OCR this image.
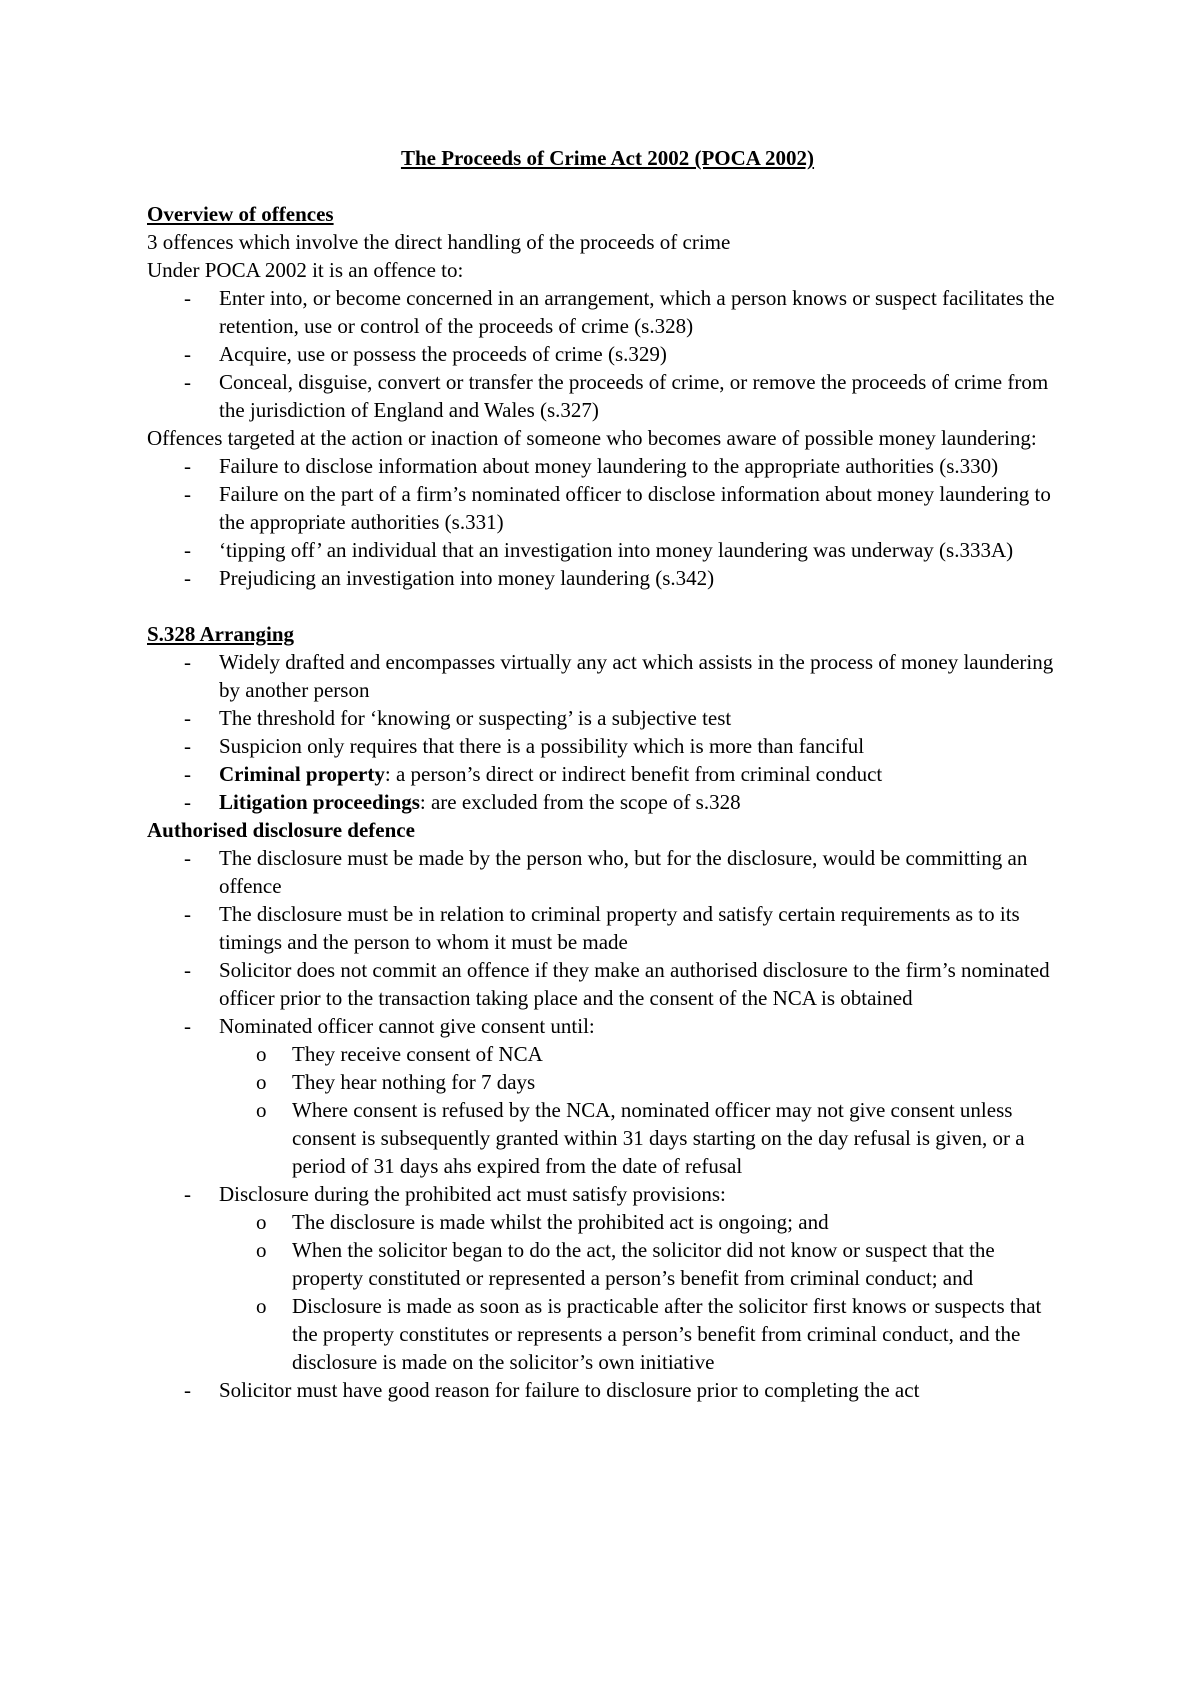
The Proceeds of Crime Act 2002 (POCA 2002)
Overview of offences
3 offences which involve the direct handling of the proceeds of crime
Under POCA 2002 it is an offence to:
- Enter into, or become concerned in an arrangement, which a person knows or suspect facilitates the retention, use or control of the proceeds of crime (s.328)
- Acquire, use or possess the proceeds of crime (s.329)
- Conceal, disguise, convert or transfer the proceeds of crime, or remove the proceeds of crime from the jurisdiction of England and Wales (s.327)
Offences targeted at the action or inaction of someone who becomes aware of possible money laundering:
- Failure to disclose information about money laundering to the appropriate authorities (s.330)
- Failure on the part of a firm’s nominated officer to disclose information about money laundering to the appropriate authorities (s.331)
- ‘tipping off’ an individual that an investigation into money laundering was underway (s.333A)
- Prejudicing an investigation into money laundering (s.342)
S.328 Arranging
- Widely drafted and encompasses virtually any act which assists in the process of money laundering by another person
- The threshold for ‘knowing or suspecting’ is a subjective test
- Suspicion only requires that there is a possibility which is more than fanciful
- Criminal property: a person’s direct or indirect benefit from criminal conduct
- Litigation proceedings: are excluded from the scope of s.328
Authorised disclosure defence
- The disclosure must be made by the person who, but for the disclosure, would be committing an offence
- The disclosure must be in relation to criminal property and satisfy certain requirements as to its timings and the person to whom it must be made
- Solicitor does not commit an offence if they make an authorised disclosure to the firm’s nominated officer prior to the transaction taking place and the consent of the NCA is obtained
- Nominated officer cannot give consent until:
o They receive consent of NCA
o They hear nothing for 7 days
o Where consent is refused by the NCA, nominated officer may not give consent unless consent is subsequently granted within 31 days starting on the day refusal is given, or a period of 31 days ahs expired from the date of refusal
- Disclosure during the prohibited act must satisfy provisions:
o The disclosure is made whilst the prohibited act is ongoing; and
o When the solicitor began to do the act, the solicitor did not know or suspect that the property constituted or represented a person’s benefit from criminal conduct; and
o Disclosure is made as soon as is practicable after the solicitor first knows or suspects that the property constitutes or represents a person’s benefit from criminal conduct, and the disclosure is made on the solicitor’s own initiative
- Solicitor must have good reason for failure to disclosure prior to completing the act
